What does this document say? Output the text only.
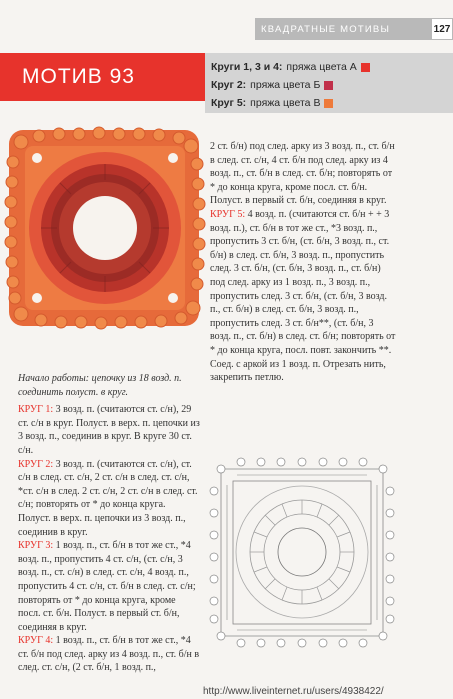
КВАДРАТНЫЕ МОТИВЫ	127
МОТИВ 93	Круги 1, 3 и 4: пряжа цвета А
Круг 2: пряжа цвета Б
Круг 5: пряжа цвета В

Начало работы: цепочку из 18 возд. п. соединить полуст. в круг.

КРУГ 1: 3 возд. п. (считаются ст. с/н), 29 ст. с/н в круг. Полуст. в верх. п. цепочки из 3 возд. п., соединив в круг. В круге 30 ст. с/н.

КРУГ 2: 3 возд. п. (считаются ст. с/н), ст. с/н в след. ст. с/н, 2 ст. с/н в след. ст. с/н, *ст. с/н в след. 2 ст. с/н, 2 ст. с/н в след. ст. с/н; повторять от * до конца круга. Полуст. в верх. п. цепочки из 3 возд. п., соединив в круг.

КРУГ 3: 1 возд. п., ст. б/н в тот же ст., *4 возд. п., пропустить 4 ст. с/н, (ст. с/н, 3 возд. п., ст. с/н) в след. ст. с/н, 4 возд. п., пропустить 4 ст. с/н, ст. б/н в след. ст. с/н; повторять от * до конца круга, кроме посл. ст. б/н. Полуст. в первый ст. б/н, соединяя в круг.

КРУГ 4: 1 возд. п., ст. б/н в тот же ст., *4 ст. б/н под след. арку из 4 возд. п., ст. б/н в след. ст. с/н, (2 ст. б/н, 1 возд. п.,

2 ст. б/н) под след. арку из 3 возд. п., ст. б/н в след. ст. с/н, 4 ст. б/н под след. арку из 4 возд. п., ст. б/н в след. ст. б/н; повторять от * до конца круга, кроме посл. ст. б/н. Полуст. в первый ст. б/н, соединяя в круг.

КРУГ 5: 4 возд. п. (считаются ст. б/н + + 3 возд. п.), ст. б/н в тот же ст., *3 возд. п., пропустить 3 ст. б/н, (ст. б/н, 3 возд. п., ст. б/н) в след. ст. б/н, 3 возд. п., пропустить след. 3 ст. б/н, (ст. б/н, 3 возд. п., ст. б/н) под след. арку из 1 возд. п., 3 возд. п., пропустить след. 3 ст. б/н, (ст. б/н, 3 возд. п., ст. б/н) в след. ст. б/н, 3 возд. п., пропустить след. 3 ст. б/н**, (ст. б/н, 3 возд. п., ст. б/н) в след. ст. б/н; повторять от * до конца круга, посл. повт. закончить **. Соед. с аркой из 1 возд. п. Отрезать нить, закрепить петлю.

http://www.liveinternet.ru/users/4938422/
